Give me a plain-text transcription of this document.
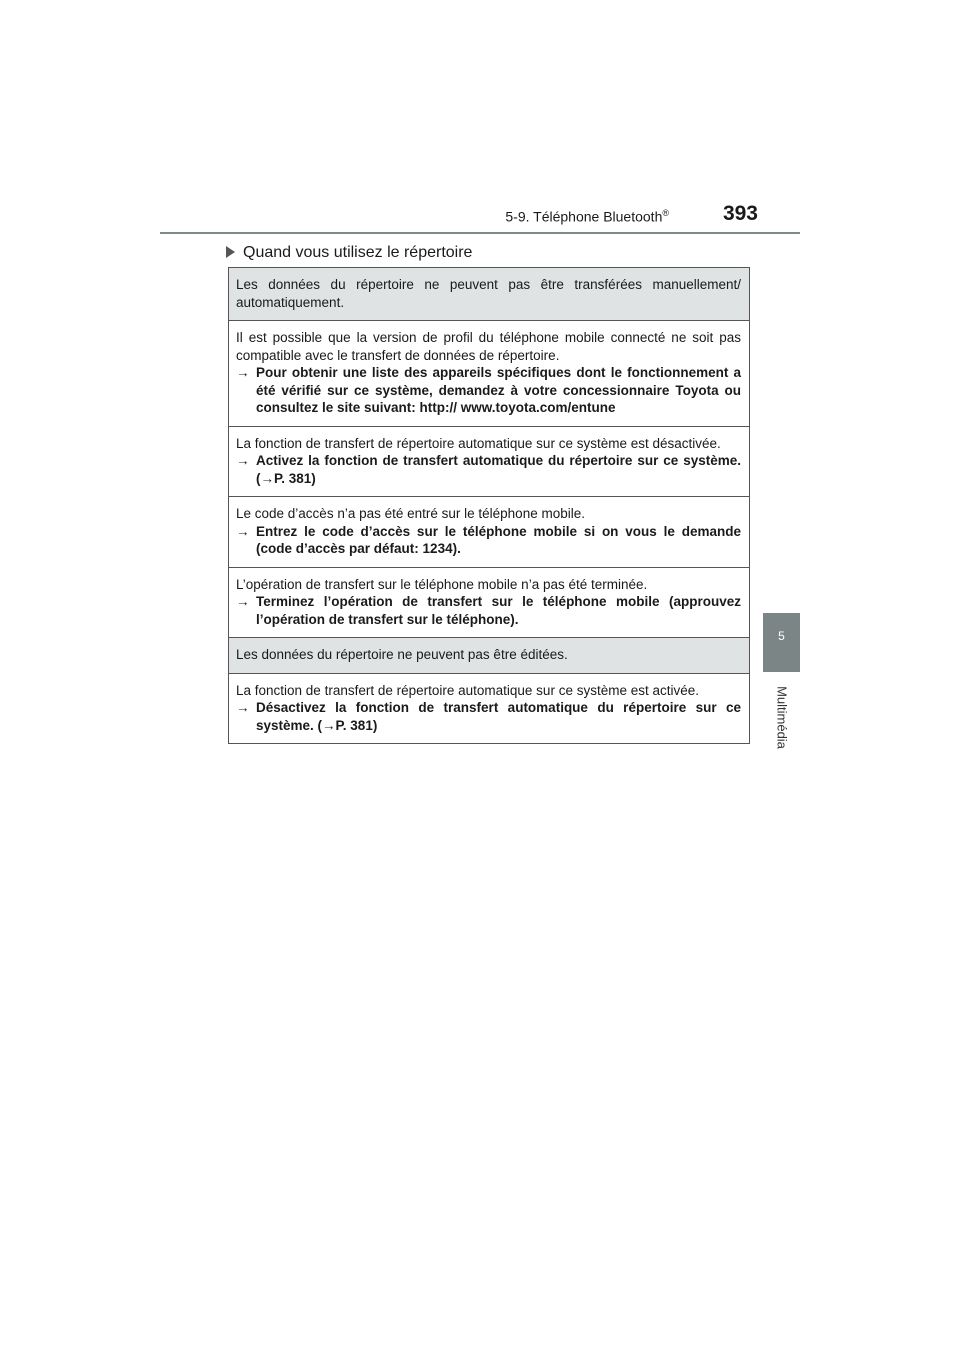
5-9. Téléphone Bluetooth®	393
5
Multimédia
Quand vous utilisez le répertoire
Les données du répertoire ne peuvent pas être transférées manuellement/ automatiquement.

Il est possible que la version de profil du téléphone mobile connecté ne soit pas compatible avec le transfert de données de répertoire.
→ Pour obtenir une liste des appareils spécifiques dont le fonctionnement a été vérifié sur ce système, demandez à votre concessionnaire Toyota ou consultez le site suivant: http:// www.toyota.com/entune

La fonction de transfert de répertoire automatique sur ce système est désactivée.
→ Activez la fonction de transfert automatique du répertoire sur ce système. (→P. 381)

Le code d’accès n’a pas été entré sur le téléphone mobile.
→ Entrez le code d’accès sur le téléphone mobile si on vous le demande (code d’accès par défaut: 1234).

L’opération de transfert sur le téléphone mobile n’a pas été terminée.
→ Terminez l’opération de transfert sur le téléphone mobile (approuvez l’opération de transfert sur le téléphone).

Les données du répertoire ne peuvent pas être éditées.

La fonction de transfert de répertoire automatique sur ce système est activée.
→ Désactivez la fonction de transfert automatique du répertoire sur ce système. (→P. 381)
